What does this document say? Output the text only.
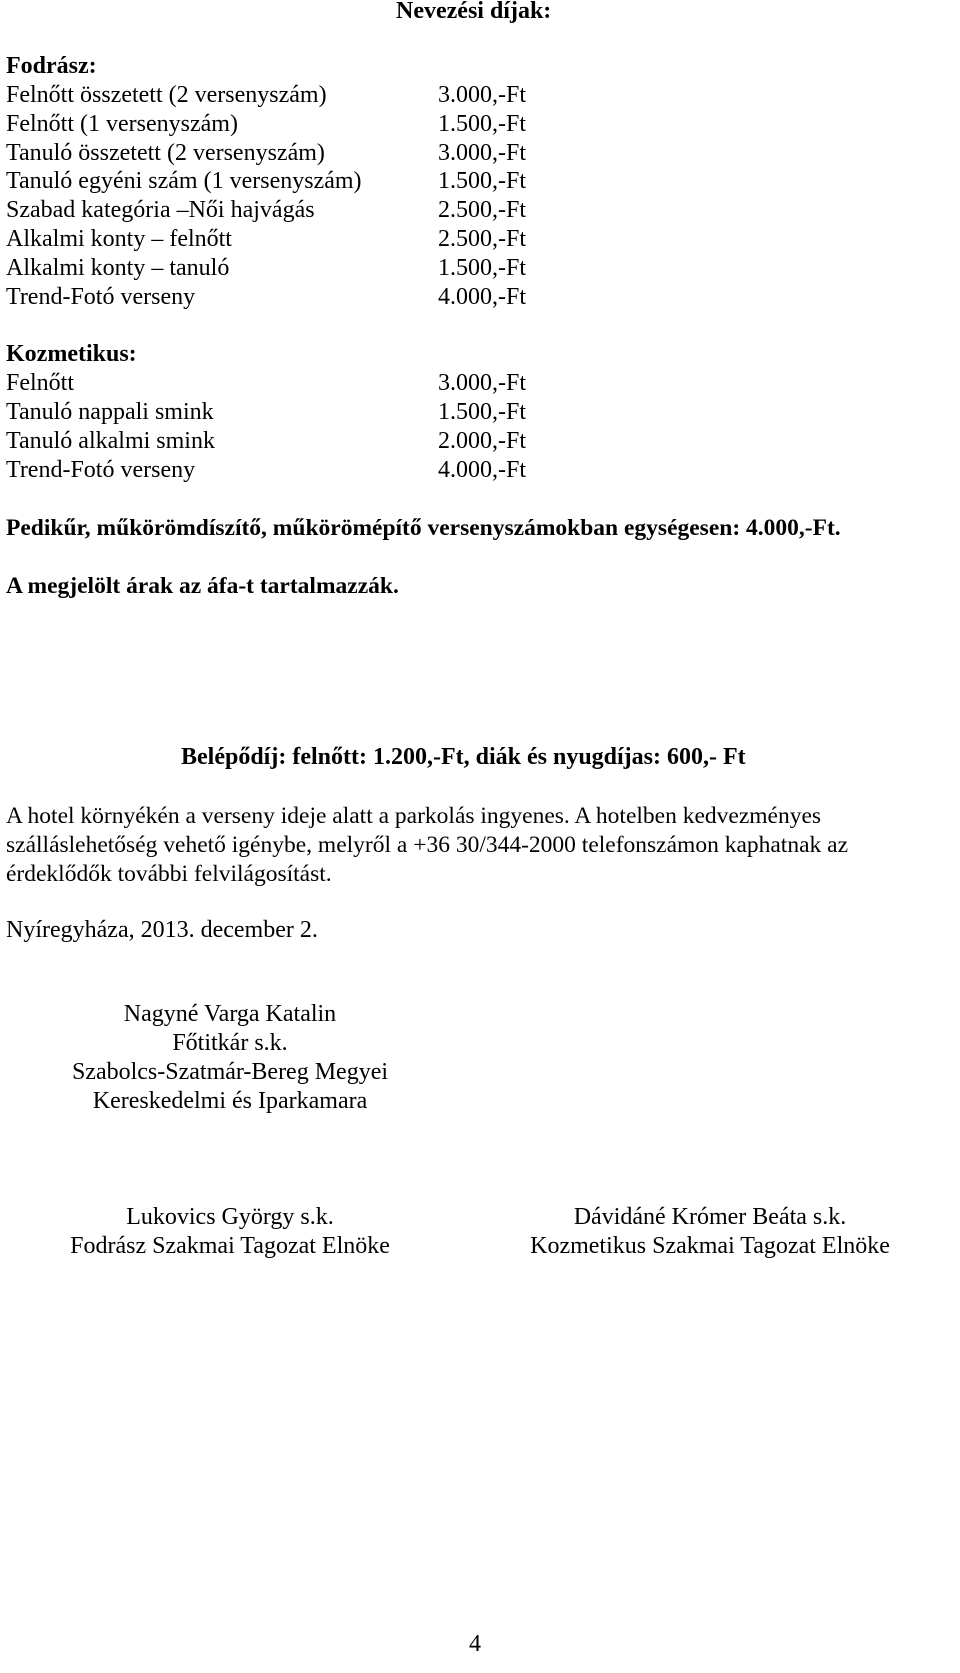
Nevezési díjak:
Fodrász:
Felnőtt összetett (2 versenyszám)	3.000,-Ft
Felnőtt (1 versenyszám)	1.500,-Ft
Tanuló összetett (2 versenyszám)	3.000,-Ft
Tanuló egyéni szám (1 versenyszám)	1.500,-Ft
Szabad kategória –Női hajvágás	2.500,-Ft
Alkalmi konty – felnőtt	2.500,-Ft
Alkalmi konty – tanuló	1.500,-Ft
Trend-Fotó verseny	4.000,-Ft
Kozmetikus:
Felnőtt	3.000,-Ft
Tanuló nappali smink	1.500,-Ft
Tanuló alkalmi smink	2.000,-Ft
Trend-Fotó verseny	4.000,-Ft
Pedikűr, műkörömdíszítő, műkörömépítő versenyszámokban egységesen: 4.000,-Ft.
A megjelölt árak az áfa-t tartalmazzák.
Belépődíj: felnőtt: 1.200,-Ft, diák és nyugdíjas: 600,- Ft
A hotel környékén a verseny ideje alatt a parkolás ingyenes. A hotelben kedvezményes
szálláslehetőség vehető igénybe, melyről a +36 30/344-2000 telefonszámon kaphatnak az
érdeklődők további felvilágosítást.
Nyíregyháza, 2013. december 2.
Nagyné Varga Katalin
Főtitkár s.k.
Szabolcs-Szatmár-Bereg Megyei
Kereskedelmi és Iparkamara
Lukovics György s.k.
Fodrász Szakmai Tagozat Elnöke
Dávidáné Krómer Beáta s.k.
Kozmetikus Szakmai Tagozat Elnöke
4
